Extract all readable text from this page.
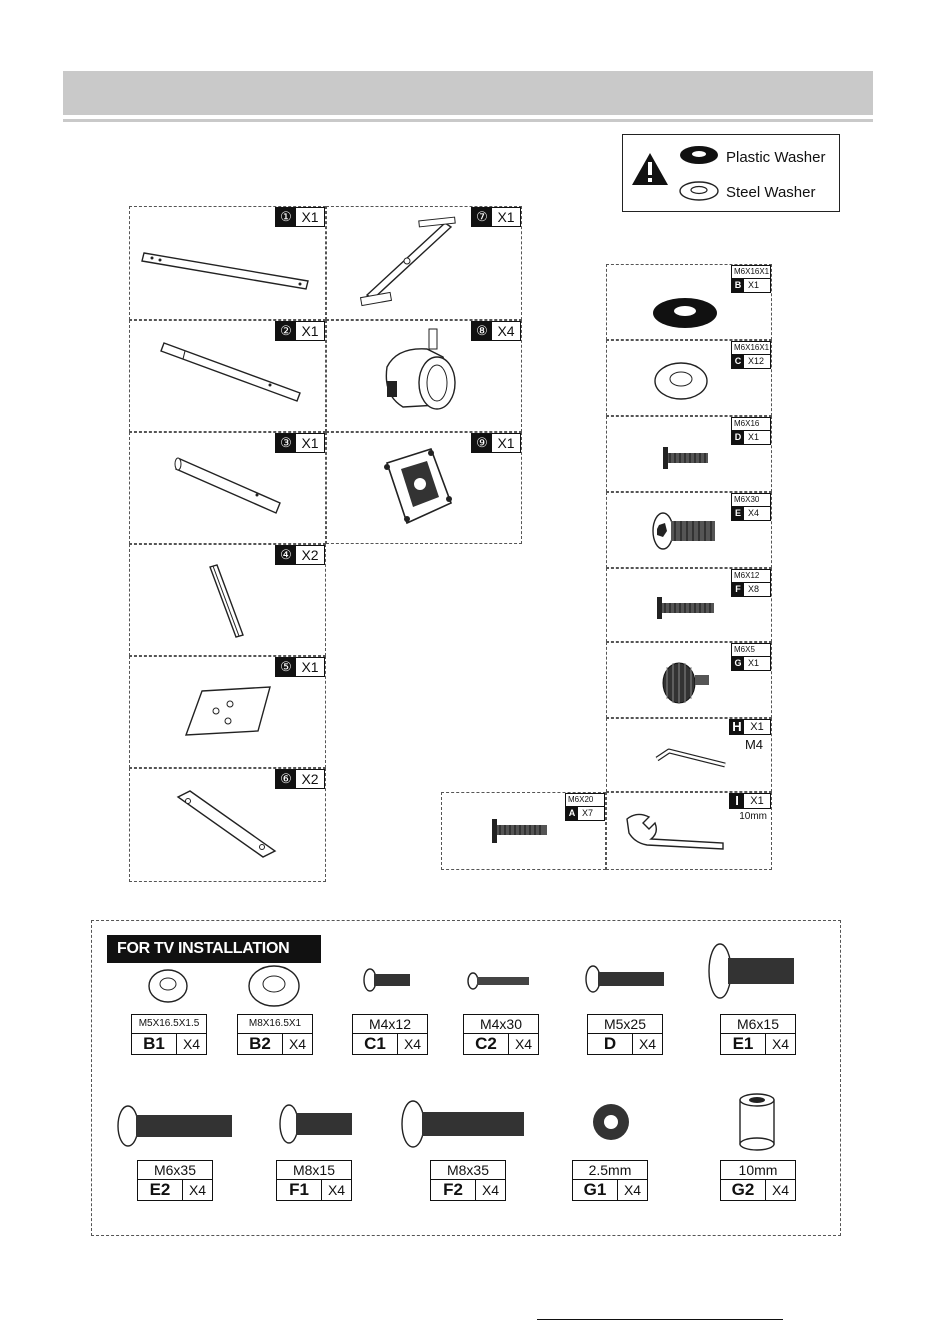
Plastic Washer
Steel Washer
① X1
② X1
③ X1
④ X2
⑤ X1
⑥ X2
⑦ X1
⑧ X4
⑨ X1
M6X16X1
B X1
M6X16X1
C X12
M6X16
D X1
M6X30
E X4
M6X12
F X8
M6X5
G X1
H X1
M4
I	X1
10mm
M6X20
A X7
FOR TV INSTALLATION
M5X16.5X1.5
B1	X4
M8X16.5X1
B2	X4
M4x12
C1	X4
M4x30
C2	X4
M5x25
D	X4
M6x15
E1	X4
M6x35
E2	X4
M8x15
F1	X4
M8x35
F2	X4
2.5mm
G1	X4
10mm
G2	X4
